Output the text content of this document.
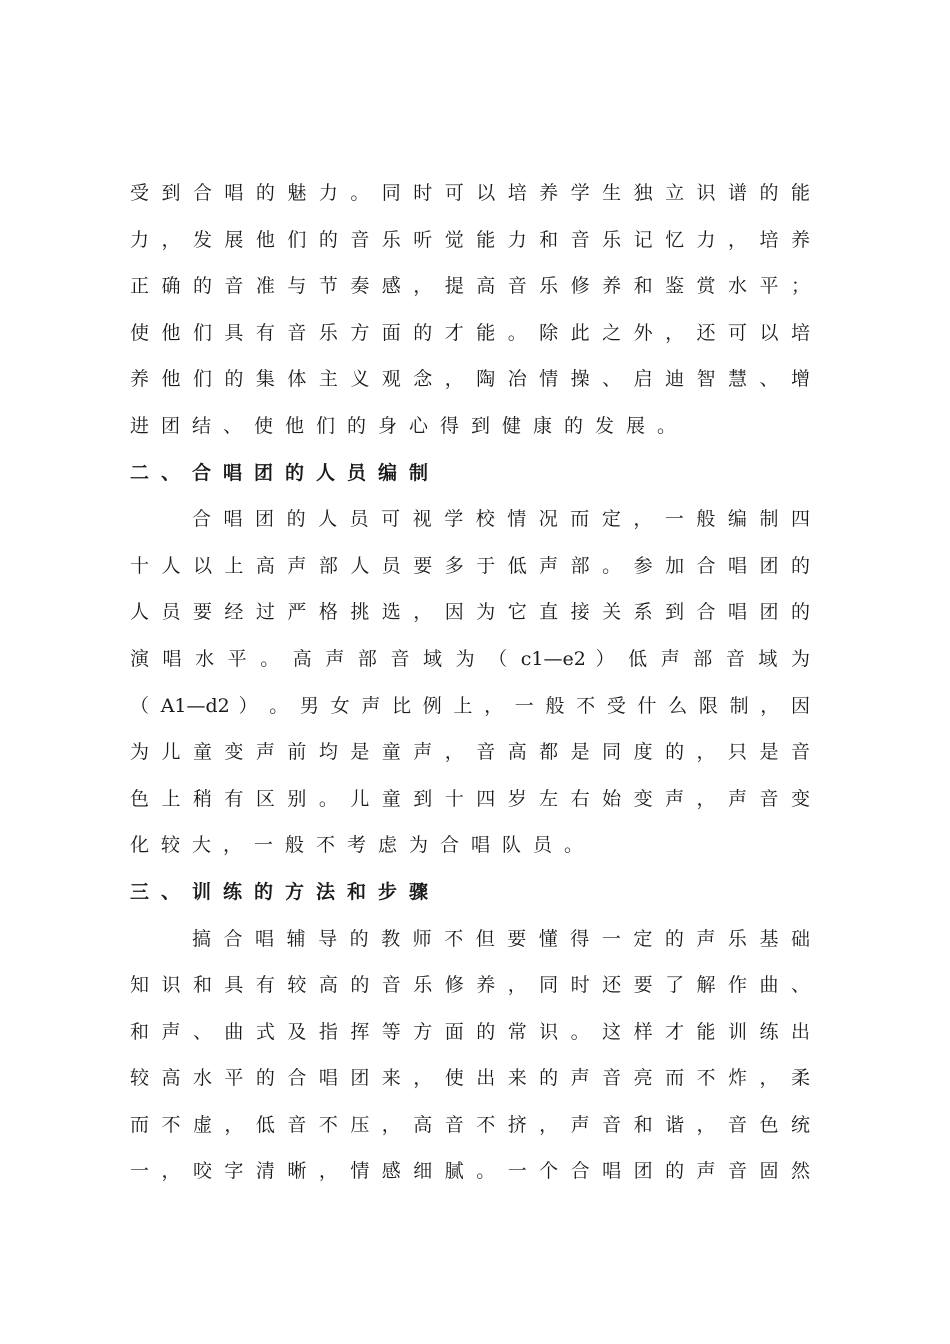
受 到 合 唱 的 魅 力 。 同 时 可 以 培 养 学 生 独 立 识 谱 的 能
力 ， 发 展 他 们 的 音 乐 听 觉 能 力 和 音 乐 记 忆 力 ， 培 养
正 确 的 音 准 与 节 奏 感 ， 提 高 音 乐 修 养 和 鉴 赏 水 平 ；
使 他 们 具 有 音 乐 方 面 的 才 能 。 除 此 之 外 ， 还 可 以 培
养 他 们 的 集 体 主 义 观 念 ， 陶 冶 情 操 、 启 迪 智 慧 、 增
进团结、使他们的身心得到健康的发展。
二、合唱团的人员编制
合 唱 团 的 人 员 可 视 学 校 情 况 而 定 ， 一 般 编 制 四
十 人 以 上 高 声 部 人 员 要 多 于 低 声 部 。 参 加 合 唱 团 的
人 员 要 经 过 严 格 挑 选 ， 因 为 它 直 接 关 系 到 合 唱 团 的
演 唱 水 平 。 高 声 部 音 域 为 （ c1—e2 ） 低 声 部 音 域 为
（ A1—d2 ） 。 男 女 声 比 例 上 ， 一 般 不 受 什 么 限 制 ， 因
为 儿 童 变 声 前 均 是 童 声 ， 音 高 都 是 同 度 的 ， 只 是 音
色 上 稍 有 区 别 。 儿 童 到 十 四 岁 左 右 始 变 声 ， 声 音 变
化较大，一般不考虑为合唱队员。
三、训练的方法和步骤
搞 合 唱 辅 导 的 教 师 不 但 要 懂 得 一 定 的 声 乐 基 础
知 识 和 具 有 较 高 的 音 乐 修 养 ， 同 时 还 要 了 解 作 曲 、
和 声 、 曲 式 及 指 挥 等 方 面 的 常 识 。 这 样 才 能 训 练 出
较 高 水 平 的 合 唱 团 来 ， 使 出 来 的 声 音 亮 而 不 炸 ， 柔
而 不 虚 ， 低 音 不 压 ， 高 音 不 挤 ， 声 音 和 谐 ， 音 色 统
一 ， 咬 字 清 晰 ， 情 感 细 腻 。 一 个 合 唱 团 的 声 音 固 然
